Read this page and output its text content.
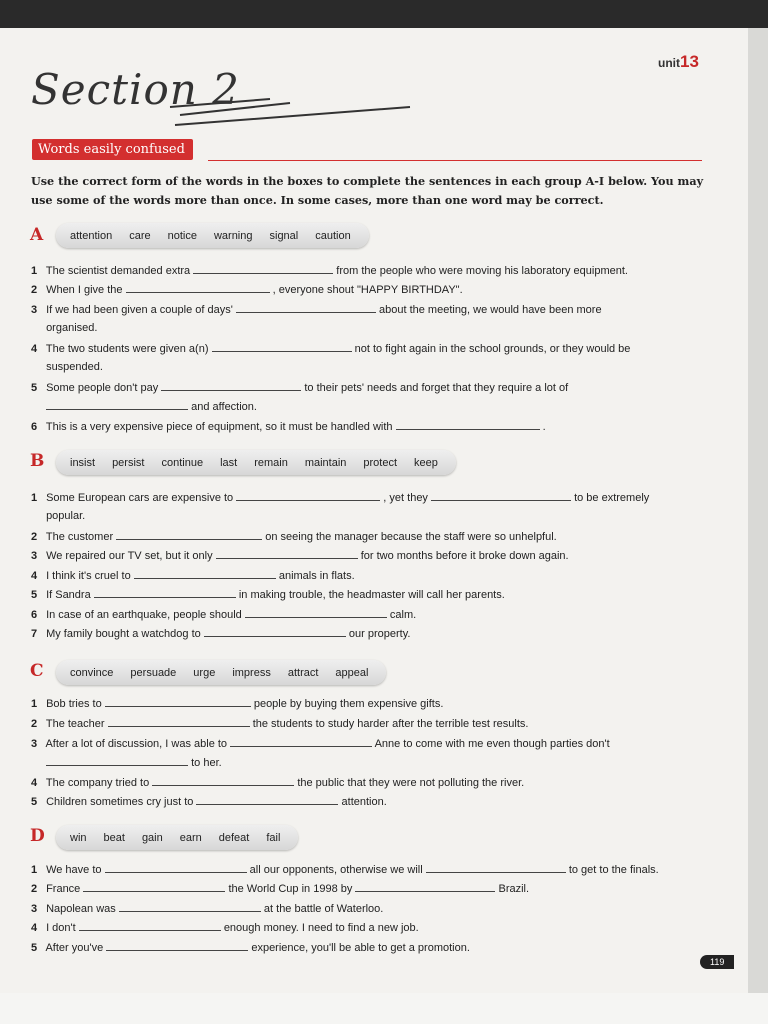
Section 2
unit13
Words easily confused
Use the correct form of the words in the boxes to complete the sentences in each group A-I below. You may use some of the words more than once. In some cases, more than one word may be correct.
A attention care notice warning signal caution
1 The scientist demanded extra	from the people who were moving his laboratory equipment.
2 When I give the	, everyone shout "HAPPY BIRTHDAY".
3 If we had been given a couple of days'	about the meeting, we would have been more
organised.
4 The two students were given a(n)	not to fight again in the school grounds, or they would be
suspended.
5 Some people don't pay	to their pets' needs and forget that they require a lot of
and affection.
6 This is a very expensive piece of equipment, so it must be handled with	.
B insist persist continue last remain maintain protect keep
1 Some European cars are expensive to	, yet they	to be extremely
popular.
2 The customer	on seeing the manager because the staff were so unhelpful.
3 We repaired our TV set, but it only	for two months before it broke down again.
4 I think it's cruel to	animals in flats.
5 If Sandra	in making trouble, the headmaster will call her parents.
6 In case of an earthquake, people should	calm.
7 My family bought a watchdog to	our property.
C convince persuade urge impress attract appeal
1 Bob tries to	people by buying them expensive gifts.
2 The teacher	the students to study harder after the terrible test results.
3 After a lot of discussion, I was able to	Anne to come with me even though parties don't
to her.
4 The company tried to	the public that they were not polluting the river.
5 Children sometimes cry just to	attention.
D win beat gain earn defeat fail
1 We have to	all our opponents, otherwise we will	to get to the finals.
2 France	the World Cup in 1998 by	Brazil.
3 Napolean was	at the battle of Waterloo.
4 I don't	enough money. I need to find a new job.
5 After you've	experience, you'll be able to get a promotion.
119
